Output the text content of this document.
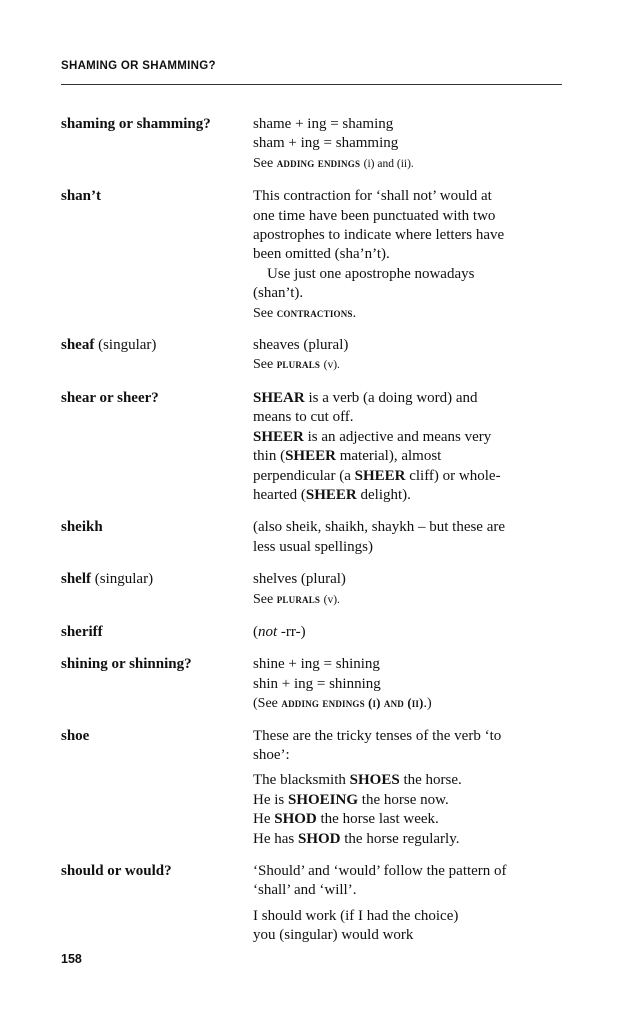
SHAMING OR SHAMMING?
shaming or shamming?	shame + ing = shaming
sham + ing = shamming
See adding endings (i) and (ii).
shan’t	This contraction for ‘shall not’ would at
one time have been punctuated with two
apostrophes to indicate where letters have
been omitted (sha’n’t).
Use just one apostrophe nowadays
(shan’t).
See contractions.
sheaf (singular)	sheaves (plural)
See plurals (v).
shear or sheer?	SHEAR is a verb (a doing word) and
means to cut off.
SHEER is an adjective and means very
thin (SHEER material), almost
perpendicular (a SHEER cliff) or whole-
hearted (SHEER delight).
sheikh	(also sheik, shaikh, shaykh – but these are
less usual spellings)
shelf (singular)	shelves (plural)
See plurals (v).
sheriff	(not -rr-)
shining or shinning?	shine + ing = shining
shin + ing = shinning
(See adding endings (i) and (ii).)
shoe	These are the tricky tenses of the verb ‘to
shoe’:
The blacksmith SHOES the horse.
He is SHOEING the horse now.
He SHOD the horse last week.
He has SHOD the horse regularly.
should or would?	‘Should’ and ‘would’ follow the pattern of
‘shall’ and ‘will’.
I should work (if I had the choice)
you (singular) would work
158
